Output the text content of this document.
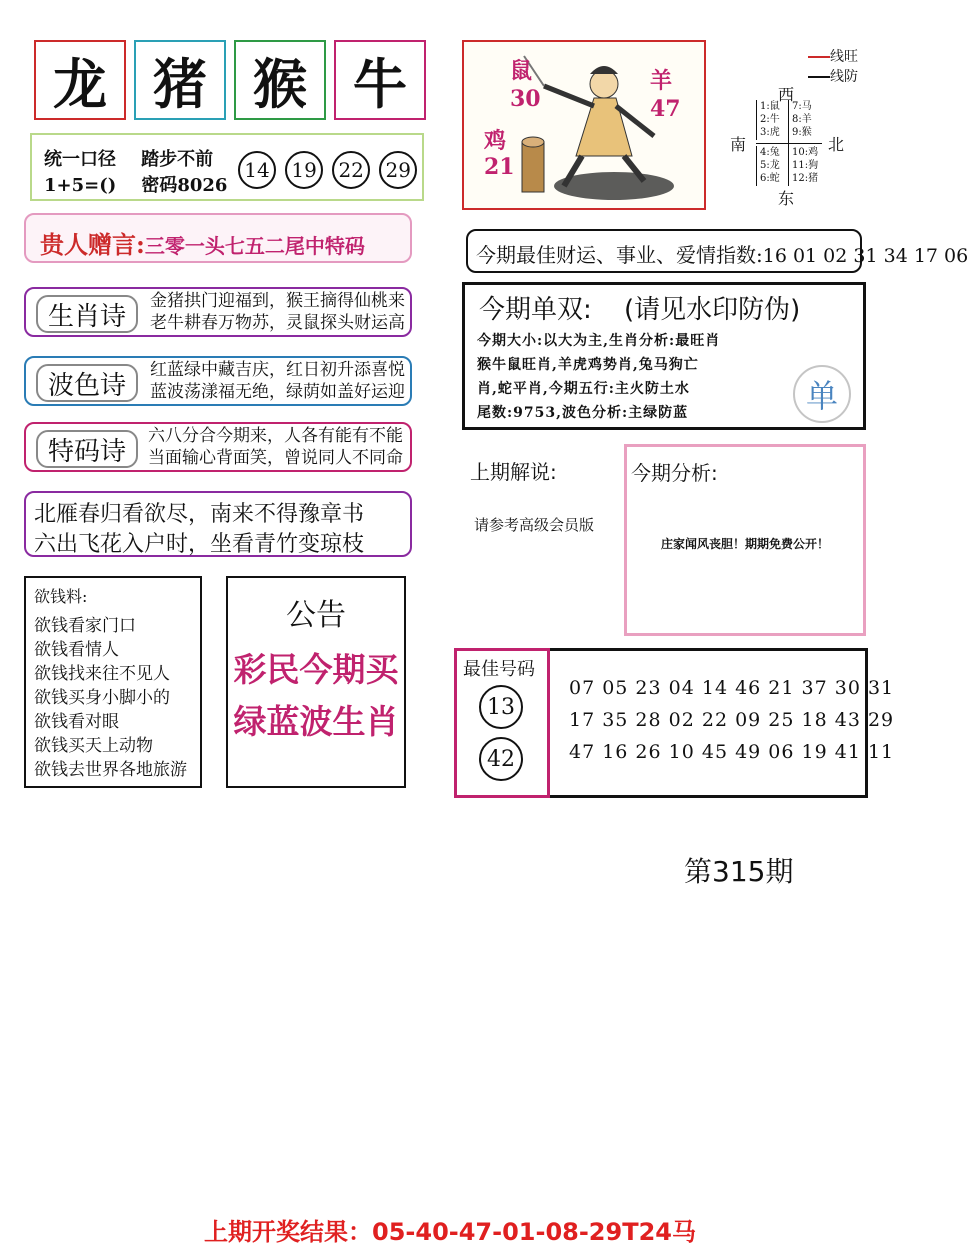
龙 猪 猴 牛
统一口径 踏步不前
1+5=() 密码8026
14 19 22 29
贵人赠言:三零一头七五二尾中特码
生肖诗
金猪拱门迎福到，猴王摘得仙桃来
老牛耕春万物苏，灵鼠探头财运高
波色诗
红蓝绿中藏吉庆，红日初升添喜悦
蓝波荡漾福无绝，绿荫如盖好运迎
特码诗
六八分合今期来，人各有能有不能
当面输心背面笑，曾说同人不同命
北雁春归看欲尽，南来不得豫章书
六出飞花入户时，坐看青竹变琼枝
欲钱料:
欲钱看家门口
欲钱看情人
欲钱找来往不见人
欲钱买身小脚小的
欲钱看对眼
欲钱买天上动物
欲钱去世界各地旅游
公告
彩民今期买
绿蓝波生肖
鼠
30
羊
47
鸡
21
线旺
线防
西
南	北
东
1:鼠
2:牛
3:虎
7:马
8:羊
9:猴
4:兔
5:龙
6:蛇
10:鸡
11:狗
12:猪
今期最佳财运、事业、爱情指数:16 01 02 31 34 17 06
今期单双: (请见水印防伪)
今期大小:以大为主,生肖分析:最旺肖
猴牛鼠旺肖,羊虎鸡势肖,兔马狗亡
肖,蛇平肖,今期五行:主火防土水
尾数:9753,波色分析:主绿防蓝	单
上期解说:
请参考高级会员版
今期分析:
庄家闻风丧胆！期期免费公开！
最佳号码
13
42
07 05 23 04 14 46 21 37 30 31
17 35 28 02 22 09 25 18 43 29
47 16 26 10 45 49 06 19 41 11
第315期
上期开奖结果：05-40-47-01-08-29T24马
